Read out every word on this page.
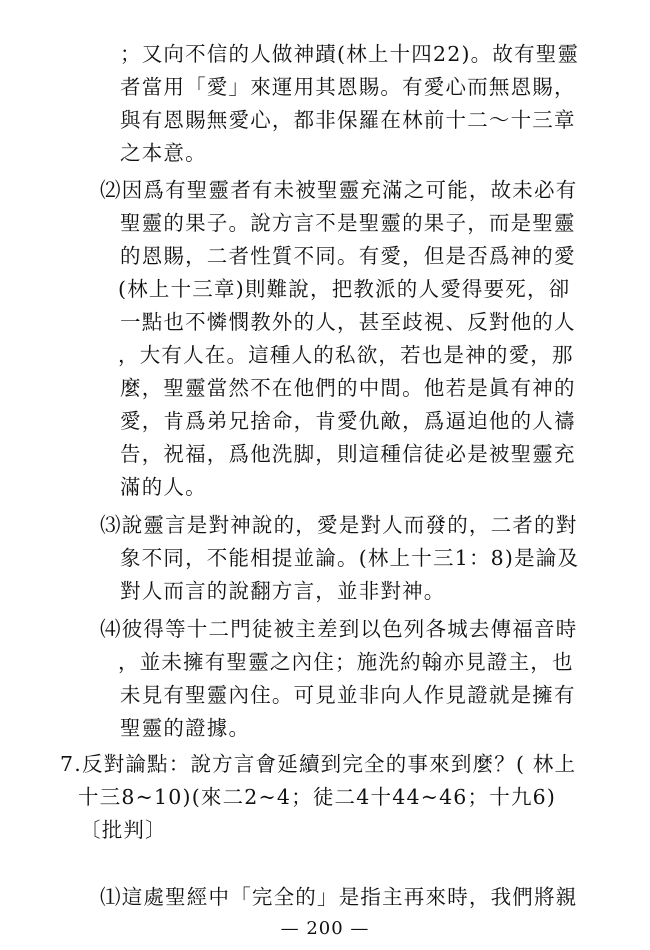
；又向不信的人做神蹟(林上十四22)。故有聖靈
者當用「愛」來運用其恩賜。有愛心而無恩賜，
與有恩賜無愛心，都非保羅在林前十二～十三章
之本意。
⑵因爲有聖靈者有未被聖靈充滿之可能，故未必有
聖靈的果子。說方言不是聖靈的果子，而是聖靈
的恩賜，二者性質不同。有愛，但是否爲神的愛
(林上十三章)則難說，把教派的人愛得要死，卻
一點也不憐憫教外的人，甚至歧視、反對他的人
，大有人在。這種人的私欲，若也是神的愛，那
麼，聖靈當然不在他們的中間。他若是眞有神的
愛，肯爲弟兄捨命，肯愛仇敵，爲逼迫他的人禱
告，祝福，爲他洗脚，則這種信徒必是被聖靈充
滿的人。
⑶說靈言是對神說的，愛是對人而發的，二者的對
象不同，不能相提並論。(林上十三1：8)是論及
對人而言的說翻方言，並非對神。
⑷彼得等十二門徒被主差到以色列各城去傳福音時
，並未擁有聖靈之內住；施洗約翰亦見證主，也
未見有聖靈內住。可見並非向人作見證就是擁有
聖靈的證據。
7.反對論點：說方言會延續到完全的事來到麼？( 林上
十三8~10)(來二2~4；徒二4十44~46；十九6)
〔批判〕
⑴這處聖經中「完全的」是指主再來時，我們將親
— 200 —
